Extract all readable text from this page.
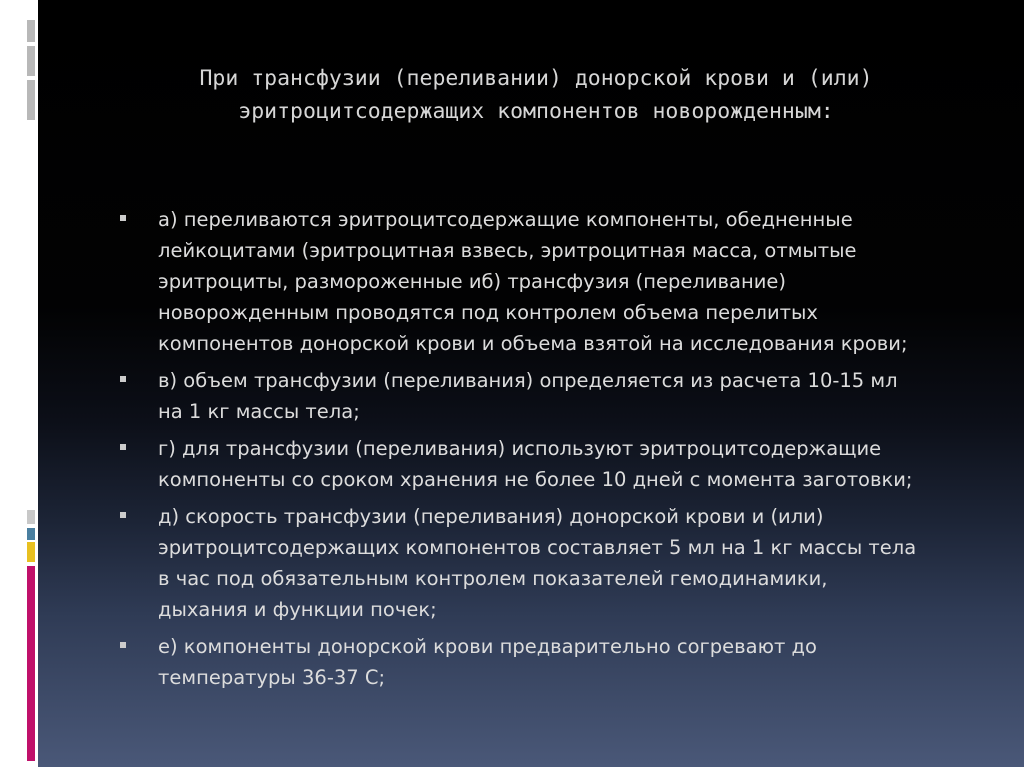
При трансфузии (переливании) донорской крови и (или)
эритроцитсодержащих компонентов новорожденным:
а) переливаются эритроцитсодержащие компоненты, обедненные
лейкоцитами (эритроцитная взвесь, эритроцитная масса, отмытые
эритроциты, размороженные иб) трансфузия (переливание)
новорожденным проводятся под контролем объема перелитых
компонентов донорской крови и объема взятой на исследования крови;
в) объем трансфузии (переливания) определяется из расчета 10-15 мл
на 1 кг массы тела;
г) для трансфузии (переливания) используют эритроцитсодержащие
компоненты со сроком хранения не более 10 дней с момента заготовки;
д) скорость трансфузии (переливания) донорской крови и (или)
эритроцитсодержащих компонентов составляет 5 мл на 1 кг массы тела
в час под обязательным контролем показателей гемодинамики,
дыхания и функции почек;
е) компоненты донорской крови предварительно согревают до
температуры 36-37 С;
